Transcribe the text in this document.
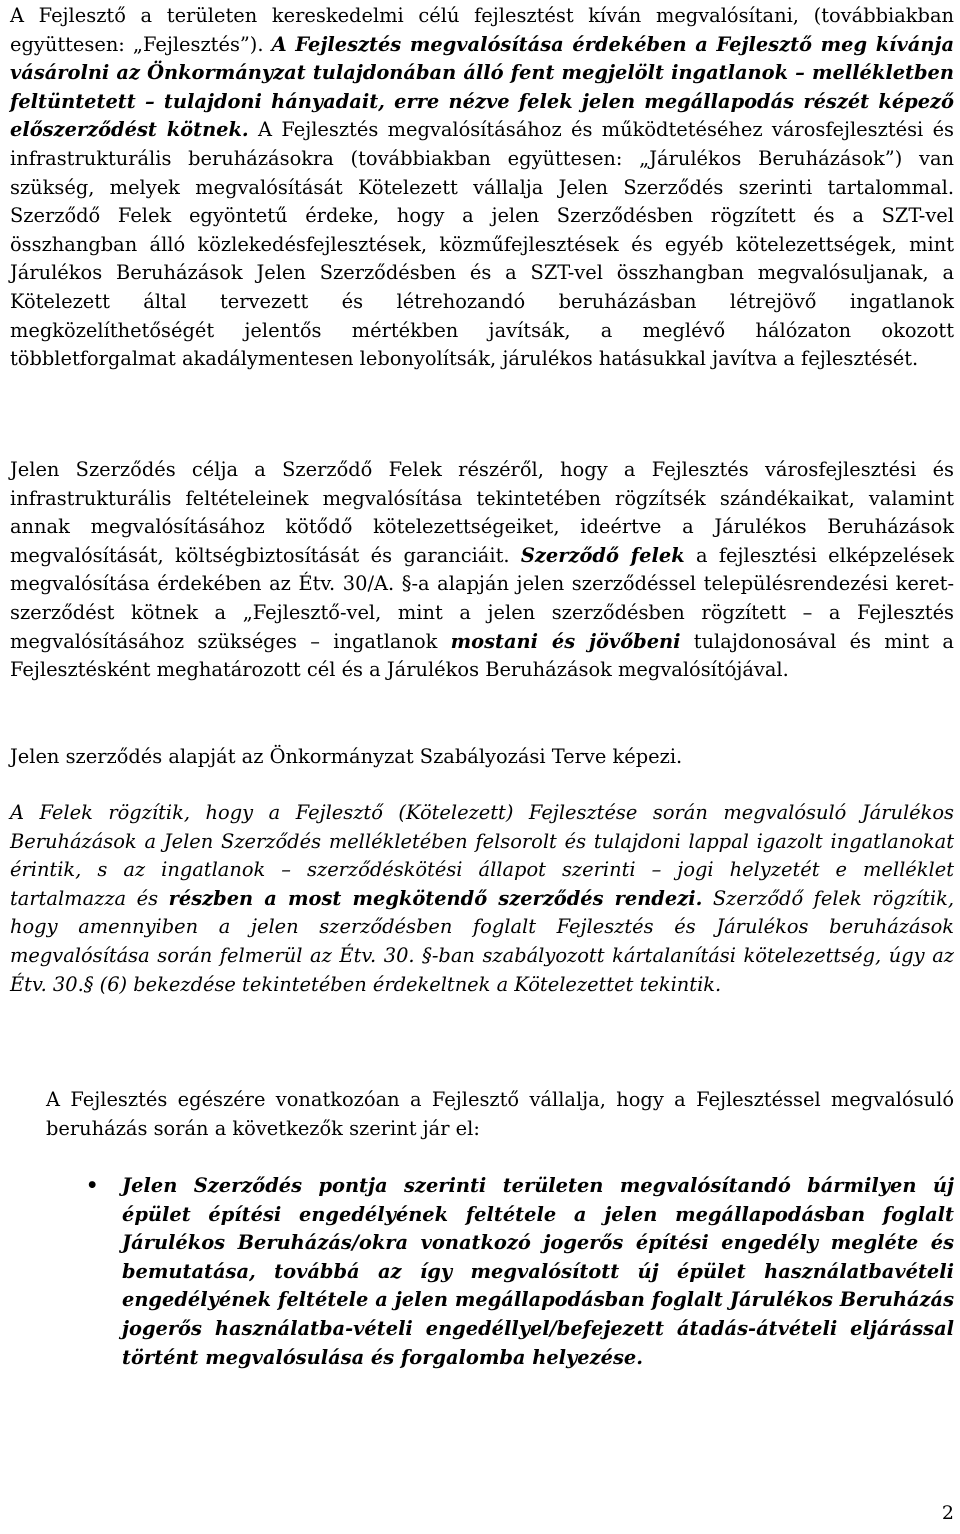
A Fejlesztő a területen kereskedelmi célú fejlesztést kíván megvalósítani, (továbbiakban együttesen: „Fejlesztés”). A Fejlesztés megvalósítása érdekében a Fejlesztő meg kívánja vásárolni az Önkormányzat tulajdonában álló fent megjelölt ingatlanok – mellékletben feltüntetett – tulajdoni hányadait, erre nézve felek jelen megállapodás részét képező előszerződést kötnek. A Fejlesztés megvalósításához és működtetéséhez városfejlesztési és infrastrukturális beruházásokra (továbbiakban együttesen: „Járulékos Beruházások”) van szükség, melyek megvalósítását Kötelezett vállalja Jelen Szerződés szerinti tartalommal. Szerződő Felek egyöntetű érdeke, hogy a jelen Szerződésben rögzített és a SZT-vel összhangban álló közlekedésfejlesztések, közműfejlesztések és egyéb kötelezettségek, mint Járulékos Beruházások Jelen Szerződésben és a SZT-vel összhangban megvalósuljanak, a Kötelezett által tervezett és létrehozandó beruházásban létrejövő ingatlanok megközelíthetőségét jelentős mértékben javítsák, a meglévő hálózaton okozott többletforgalmat akadálymentesen lebonyolítsák, járulékos hatásukkal javítva a fejlesztését.

Jelen Szerződés célja a Szerződő Felek részéről, hogy a Fejlesztés városfejlesztési és infrastrukturális feltételeinek megvalósítása tekintetében rögzítsék szándékaikat, valamint annak megvalósításához kötődő kötelezettségeiket, ideértve a Járulékos Beruházások megvalósítását, költségbiztosítását és garanciáit. Szerződő felek a fejlesztési elképzelések megvalósítása érdekében az Étv. 30/A. §-a alapján jelen szerződéssel településrendezési keret-szerződést kötnek a „Fejlesztő-vel, mint a jelen szerződésben rögzített – a Fejlesztés megvalósításához szükséges – ingatlanok mostani és jövőbeni tulajdonosával és mint a Fejlesztésként meghatározott cél és a Járulékos Beruházások megvalósítójával.

Jelen szerződés alapját az Önkormányzat Szabályozási Terve képezi.

A Felek rögzítik, hogy a Fejlesztő (Kötelezett) Fejlesztése során megvalósuló Járulékos Beruházások a Jelen Szerződés mellékletében felsorolt és tulajdoni lappal igazolt ingatlanokat érintik, s az ingatlanok – szerződéskötési állapot szerinti – jogi helyzetét e melléklet tartalmazza és részben a most megkötendő szerződés rendezi. Szerződő felek rögzítik, hogy amennyiben a jelen szerződésben foglalt Fejlesztés és Járulékos beruházások megvalósítása során felmerül az Étv. 30. §-ban szabályozott kártalanítási kötelezettség, úgy az Étv. 30.§ (6) bekezdése tekintetében érdekeltnek a Kötelezettet tekintik.

A Fejlesztés egészére vonatkozóan a Fejlesztő vállalja, hogy a Fejlesztéssel megvalósuló beruházás során a következők szerint jár el:

• Jelen Szerződés pontja szerinti területen megvalósítandó bármilyen új épület építési engedélyének feltétele a jelen megállapodásban foglalt Járulékos Beruházás/okra vonatkozó jogerős építési engedély megléte és bemutatása, továbbá az így megvalósított új épület használatbavételi engedélyének feltétele a jelen megállapodásban foglalt Járulékos Beruházás jogerős használatba-vételi engedéllyel/befejezett átadás-átvételi eljárással történt megvalósulása és forgalomba helyezése.
2
